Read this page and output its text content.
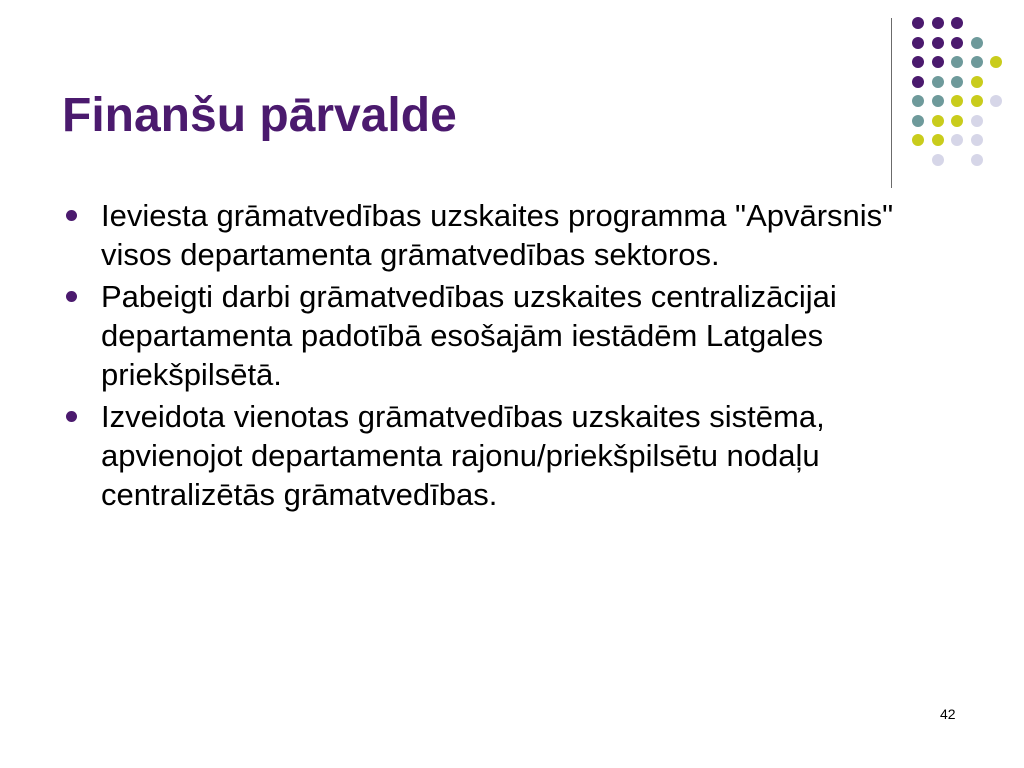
Finanšu pārvalde
Ieviesta grāmatvedības uzskaites programma "Apvārsnis" visos departamenta grāmatvedības sektoros.
Pabeigti darbi grāmatvedības uzskaites centralizācijai departamenta padotībā esošajām iestādēm Latgales priekšpilsētā.
Izveidota vienotas grāmatvedības uzskaites sistēma, apvienojot departamenta rajonu/priekšpilsētu nodaļu centralizētās grāmatvedības.
42
